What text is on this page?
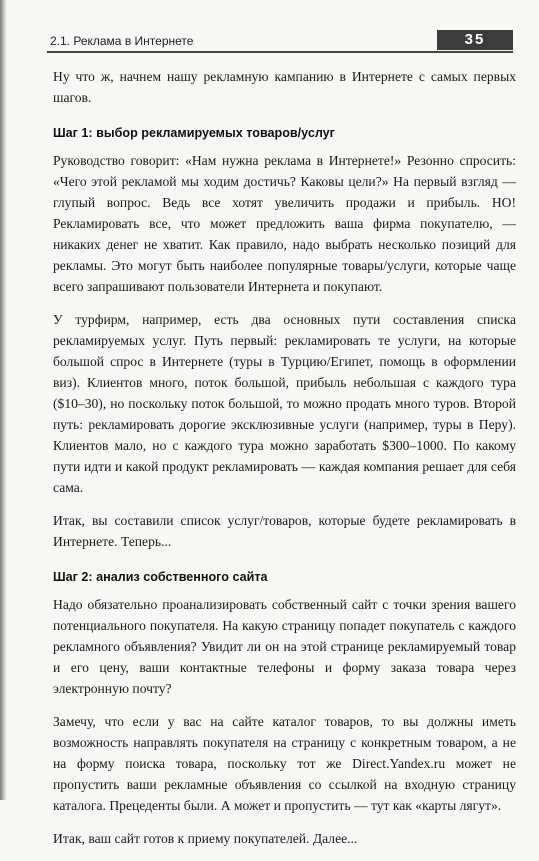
2.1. Реклама в Интернете	35

Ну что ж, начнем нашу рекламную кампанию в Интернете с самых первых шагов.

Шаг 1: выбор рекламируемых товаров/услуг

Руководство говорит: «Нам нужна реклама в Интернете!» Резонно спросить: «Чего этой рекламой мы ходим достичь? Каковы цели?» На первый взгляд — глупый вопрос. Ведь все хотят увеличить продажи и прибыль. НО! Рекламировать все, что может предложить ваша фирма покупателю, — никаких денег не хватит. Как правило, надо выбрать несколько позиций для рекламы. Это могут быть наиболее популярные товары/услуги, которые чаще всего запрашивают пользователи Интернета и покупают.

У турфирм, например, есть два основных пути составления списка рекламируемых услуг. Путь первый: рекламировать те услуги, на которые большой спрос в Интернете (туры в Турцию/Египет, помощь в оформлении виз). Клиентов много, поток большой, прибыль небольшая с каждого тура ($10–30), но поскольку поток большой, то можно продать много туров. Второй путь: рекламировать дорогие эксклюзивные услуги (например, туры в Перу). Клиентов мало, но с каждого тура можно заработать $300–1000. По какому пути идти и какой продукт рекламировать — каждая компания решает для себя сама.

Итак, вы составили список услуг/товаров, которые будете рекламировать в Интернете. Теперь...

Шаг 2: анализ собственного сайта

Надо обязательно проанализировать собственный сайт с точки зрения вашего потенциального покупателя. На какую страницу попадет покупатель с каждого рекламного объявления? Увидит ли он на этой странице рекламируемый товар и его цену, ваши контактные телефоны и форму заказа товара через электронную почту?

Замечу, что если у вас на сайте каталог товаров, то вы должны иметь возможность направлять покупателя на страницу с конкретным товаром, а не на форму поиска товара, поскольку тот же Direct.Yandex.ru может не пропустить ваши рекламные объявления со ссылкой на входную страницу каталога. Прецеденты были. А может и пропустить — тут как «карты лягут».

Итак, ваш сайт готов к приему покупателей. Далее...
